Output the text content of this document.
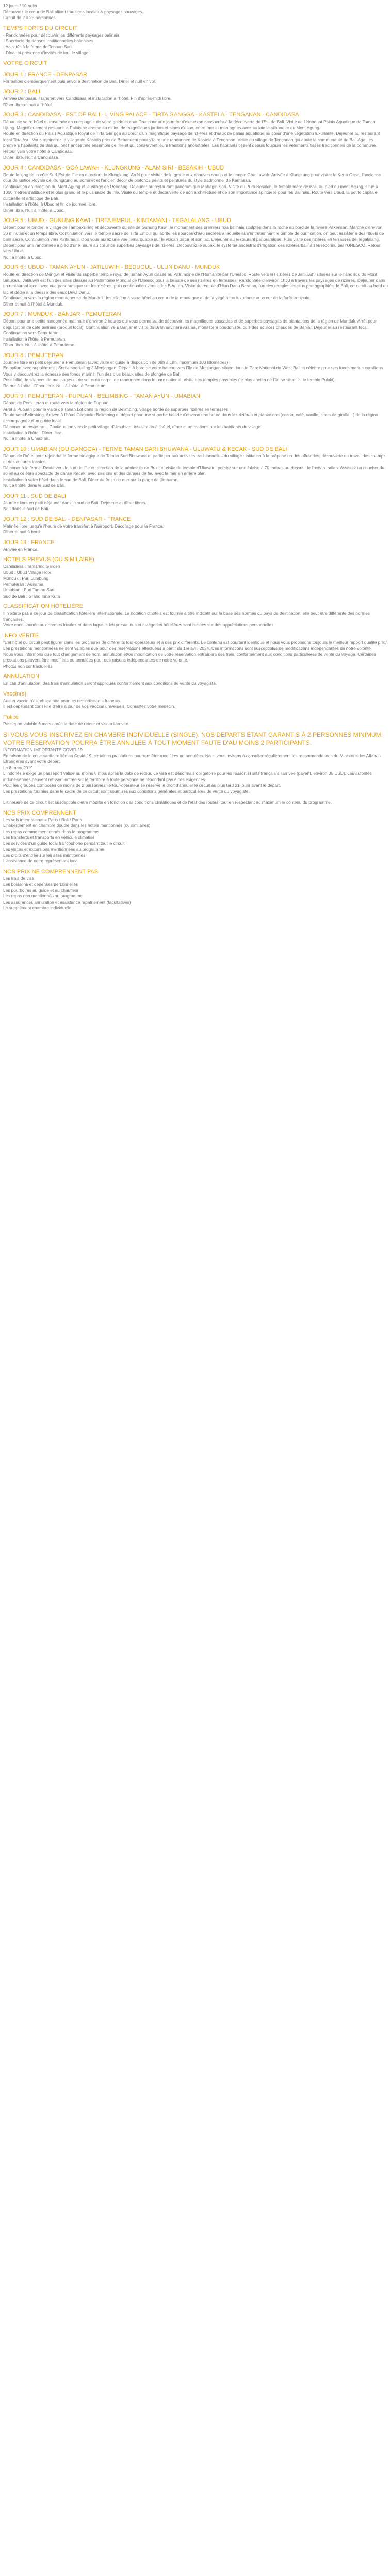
12 jours / 10 nuits

Découvrez le cœur de Bali alliant traditions locales & paysages sauvages.

Circuit de 2 à 25 personnes

TEMPS FORTS DU CIRCUIT

- Randonnées pour découvrir les différents paysages balinais

- Spectacle de danses traditionnelles balinaises

- Activités à la ferme de Tenaan Sari

- Dîner et présence d'invités de tout le village

VOTRE CIRCUIT
JOUR 1 : FRANCE - DENPASAR

Formalités d'embarquement puis envol à destination de Bali. Dîner et nuit en vol.

JOUR 2 : BALI

Arrivée Denpasar. Transfert vers Candidasa et installation à l'hôtel. Fin d'après-midi libre.

Dîner libre et nuit à l'hôtel.

JOUR 3 : CANDIDASA - EST DE BALI - LIVING PALACE - TIRTA GANGGA - KASTELA - TENGANAN - CANDIDASA

Départ de votre hôtel et traversée en compagnie de votre guide et chauffeur pour une journée d'excursion consacrée à la découverte de l'Est de Bali. Visite de l'étonnant Palais Aquatique de Taman Ujung. Magnifiquement restauré le Palais se dresse au milieu de magnifiques jardins et plans d'eaux, entre mer et montagnes avec au loin la silhouette du Mont Agung.

Route en direction du Palais Aquatique Royal de Tirta Gangga au cœur d'un magnifique paysage de rizières et d'eaux de palais aquatique au cœur d'une végétation luxuriante. Déjeuner au restaurant local Tirta Ayu. Vous rejoindrez le village de Kastela près de Bebandem pour y'faire une randonnée de Kastela à Tenganan. Visite du village de Tenganan qui abrite la communauté de Bali Aga, les premiers habitants de Bali qui ont l' ancestrale ensemble de l'île et qui conservent leurs traditions ancestrales. Les habitants tissent depuis toujours les vêtements tissés traditionnels de la commune. Retour vers votre hôtel à Candidasa.

Dîner libre. Nuit à Candidasa.

JOUR 4 : CANDIDASA - GOA LAWAH - KLUNGKUNG - ALAM SIRI - BESAKIH - UBUD

Route le long de la côte Sud-Est de l'île en direction de Klungkung. Arrêt pour visiter de la grotte aux chauves-souris et le temple Goa Lawah. Arrivée à Klungkung pour visiter la Kerta Gosa, l'ancienne cour de justice Royale de Klungkung au sommet et l'ancien décor de plafonds peints et peintures du style traditionnel de Kamasan.

Continuation en direction du Mont Agung et le village de Rendang. Déjeuner au restaurant panoramique Mahagiri Sari. Visite du Pura Besakih, le temple mère de Bali, au pied du mont Agung, situé à 1000 mètres d'altitude et le plus grand et le plus sacré de l'île. Visite du temple et découverte de son architecture et de son importance spirituelle pour les Balinais. Route vers Ubud, la petite capitale culturelle et artistique de Bali.

Installation à l'hôtel à Ubud et fin de journée libre.

Dîner libre. Nuit à l'hôtel à Ubud.

JOUR 5 : UBUD - GUNUNG KAWI - TIRTA EMPUL - KINTAMANI - TEGALALANG - UBUD

Départ pour rejoindre le village de Tampaksiring et découverte du site de Gunung Kawi, le monument des premiers rois balinais sculptés dans la roche au bord de la rivière Pakerisan. Marche d'environ 30 minutes et un temps libre. Continuation vers le temple sacré de Tirta Empul qui abrite les sources d'eau sacrées à laquelle ils s'entretiennent le temple de purification, on peut assister à des rituels de bain sacré. Continuation vers Kintamani, d'où vous aurez une vue remarquable sur le volcan Batur et son lac. Déjeuner au restaurant panoramique. Puis visite des rizières en terrasses de Tegalalang. Départ pour une randonnée à pied d'une heure au cœur de superbes paysages de rizières. Découvrez le subak, le système ancestral d'irrigation des rizières balinaises reconnu par l'UNESCO. Retour vers Ubud.

Nuit à l'hôtel à Ubud.

JOUR 6 : UBUD - TAMAN AYUN - JATILUWIH - BEDUGUL - ULUN DANU - MUNDUK

Route en direction de Mengwi et visite du superbe temple royal de Taman Ayun classé au Patrimoine de l'Humanité par l'Unesco. Route vers les rizières de Jatiluwih, situées sur le flanc sud du Mont Batukaru. Jatiluwih est l'un des sites classés au Patrimoine Mondial de l'Unesco pour la beauté de ses rizières en terrasses. Randonnée d'environ 1h30 à travers les paysages de rizières. Déjeuner dans un restaurant local avec vue panoramique sur les rizières, puis continuation vers le lac Beratan. Visite du temple d'Ulun Danu Beratan, l'un des temples les plus photographiés de Bali, construit au bord du lac et dédié à la déesse des eaux Dewi Danu.

Continuation vers la région montagneuse de Munduk. Installation à votre hôtel au cœur de la montagne et de la végétation luxuriante au cœur de la forêt tropicale.

Dîner et nuit à l'hôtel à Munduk.

JOUR 7 : MUNDUK - BANJAR - PEMUTERAN

Départ pour une petite randonnée matinale d'environ 2 heures qui vous permettra de découvrir les magnifiques cascades et de superbes paysages de plantations de la région de Munduk. Arrêt pour dégustation de café balinais (produit local). Continuation vers Banjar et visite du Brahmavihara Arama, monastère bouddhiste, puis des sources chaudes de Banjar. Déjeuner au restaurant local. Continuation vers Pemuteran.

Installation à l'hôtel à Pemuteran.

Dîner libre. Nuit à l'hôtel à Pemuteran.

JOUR 8 : PEMUTERAN

Journée libre en petit déjeuner à Pemuteran (avec visite et guide à disposition de 09h à 18h, maximum 100 kilomètres).

En option avec supplément : Sortie snorkeling à Menjangan. Départ à bord de votre bateau vers l'île de Menjangan située dans le Parc National de West Bali et célèbre pour ses fonds marins coralliens. Vous y découvrirez la richesse des fonds marins, l'un des plus beaux sites de plongée de Bali.

Possibilité de séances de massages et de soins du corps, de randonnée dans le parc national. Visite des temples possibles (le plus ancien de l'île se situe ici, le temple Pulaki).

Retour à l'hôtel. Dîner libre. Nuit à l'hôtel à Pemuteran.

JOUR 9 : PEMUTERAN - PUPUAN - BELIMBING - TAMAN AYUN - UMABIAN

Départ de Pemuteran et route vers la région de Pupuan.

Arrêt à Pupuan pour la visite de Tanah Lot dans la région de Belimbing, village bordé de superbes rizières en terrasses.

Route vers Belimbing. Arrivée à l'hôtel Cempaka Belimbing et départ pour une superbe balade d'environ une heure dans les rizières et plantations (cacao, café, vanille, clous de girofle...) de la région accompagnée d'un guide local.

Déjeuner au restaurant. Continuation vers le petit village d'Umabian. Installation à l'hôtel, dîner et animations par les habitants du village.

Installation à l'hôtel. Dîner libre.

Nuit à l'hôtel à Umabian.

JOUR 10 : UMABIAN (OU GANGGA) - FERME TAMAN SARI BHUWANA - ULUWATU & KECAK - SUD DE BALI

Départ de l'hôtel pour rejoindre la ferme biologique de Taman Sari Bhuwana et participer aux activités traditionnelles du village : initiation à la préparation des offrandes, découverte du travail des champs et des cultures locales.

Déjeuner à la ferme. Route vers le sud de l'île en direction de la péninsule de Bukit et visite du temple d'Uluwatu, perché sur une falaise à 70 mètres au-dessus de l'océan Indien. Assistez au coucher du soleil au célèbre spectacle de danse Kecak, avec des cris et des danses de feu avec la mer en arrière plan.

Installation à votre hôtel dans le sud de Bali. Dîner de fruits de mer sur la plage de Jimbaran.

Nuit à l'hôtel dans le sud de Bali.

JOUR 11 : SUD DE BALI

Journée libre en petit déjeuner dans le sud de Bali. Déjeuner et dîner libres.

Nuit dans le sud de Bali.

JOUR 12 : SUD DE BALI - DENPASAR - FRANCE

Matinée libre jusqu'à l'heure de votre transfert à l'aéroport. Décollage pour la France.

Dîner et nuit à bord.

JOUR 13 : FRANCE

Arrivée en France.

HÔTELS PRÉVUS (OU SIMILAIRE)

Candidasa : Tamarind Garden

Ubud : Ubud Village Hotel

Munduk : Puri Lumbung

Pemuteran : Adirama

Umabian : Puri Taman Sari

Sud de Bali : Grand Inna Kuta

CLASSIFICATION HÔTELIÈRE

Il n'existe pas à ce jour de classification hôtelière internationale. La notation d'hôtels est fournie à titre indicatif sur la base des normes du pays de destination, elle peut être différente des normes françaises.

Votre conditionnée aux normes locales et dans laquelle les prestations et catégories hôtelières sont basées sur des appréciations personnelles.

INFO VÉRITÉ

"Cet hôtel ou circuit peut figurer dans les brochures de différents tour-opérateurs et à des prix différents. Le contenu est pourtant identique et nous vous proposons toujours le meilleur rapport qualité prix."

Les prestations mentionnées ne sont valables que pour des réservations effectuées à partir du 1er avril 2024. Ces informations sont susceptibles de modifications indépendantes de notre volonté.

Nous vous informons que tout changement de nom, annulation et/ou modification de votre réservation entraînera des frais, conformément aux conditions particulières de vente du voyage. Certaines prestations peuvent être modifiées ou annulées pour des raisons indépendantes de notre volonté.

Photos non contractuelles.

ANNULATION

En cas d'annulation, des frais d'annulation seront appliqués conformément aux conditions de vente du voyagiste.

Vaccin(s)

Aucun vaccin n'est obligatoire pour les ressortissants français.

Il est cependant conseillé d'être à jour de vos vaccins universels. Consultez votre médecin.

Police

Passeport valable 6 mois après la date de retour et visa à l'arrivée.

SI VOUS VOUS INSCRIVEZ EN CHAMBRE INDIVIDUELLE (SINGLE), NOS DÉPARTS ÉTANT GARANTIS À 2 PERSONNES MINIMUM, VOTRE RÉSERVATION POURRA ÊTRE ANNULÉE À TOUT MOMENT FAUTE D'AU MOINS 2 PARTICIPANTS.

INFORMATION IMPORTANTE COVID-19

En raison de la crise sanitaire liée au Covid-19, certaines prestations pourront être modifiées ou annulées. Nous vous invitons à consulter régulièrement les recommandations du Ministère des Affaires Étrangères avant votre départ.

Le 8 mars 2019

L'Indonésie exige un passeport valide au moins 6 mois après la date de retour. Le visa est désormais obligatoire pour les ressortissants français à l'arrivée (payant, environ 35 USD). Les autorités indonésiennes peuvent refuser l'entrée sur le territoire à toute personne ne répondant pas à ces exigences.

Pour les groupes composés de moins de 2 personnes, le tour-opérateur se réserve le droit d'annuler le circuit au plus tard 21 jours avant le départ.

Les prestations fournies dans le cadre de ce circuit sont soumises aux conditions générales et particulières de vente du voyagiste.

L'itinéraire de ce circuit est susceptible d'être modifié en fonction des conditions climatiques et de l'état des routes, tout en respectant au maximum le contenu du programme.

NOS PRIX COMPRENNENT

Les vols internationaux Paris / Bali / Paris

L'hébergement en chambre double dans les hôtels mentionnés (ou similaires)

Les repas comme mentionnés dans le programme

Les transferts et transports en véhicule climatisé

Les services d'un guide local francophone pendant tout le circuit

Les visites et excursions mentionnées au programme

Les droits d'entrée sur les sites mentionnés

L'assistance de notre représentant local

NOS PRIX NE COMPRENNENT PAS

Les frais de visa

Les boissons et dépenses personnelles

Les pourboires au guide et au chauffeur

Les repas non mentionnés au programme

Les assurances annulation et assistance rapatriement (facultatives)

Le supplément chambre individuelle
